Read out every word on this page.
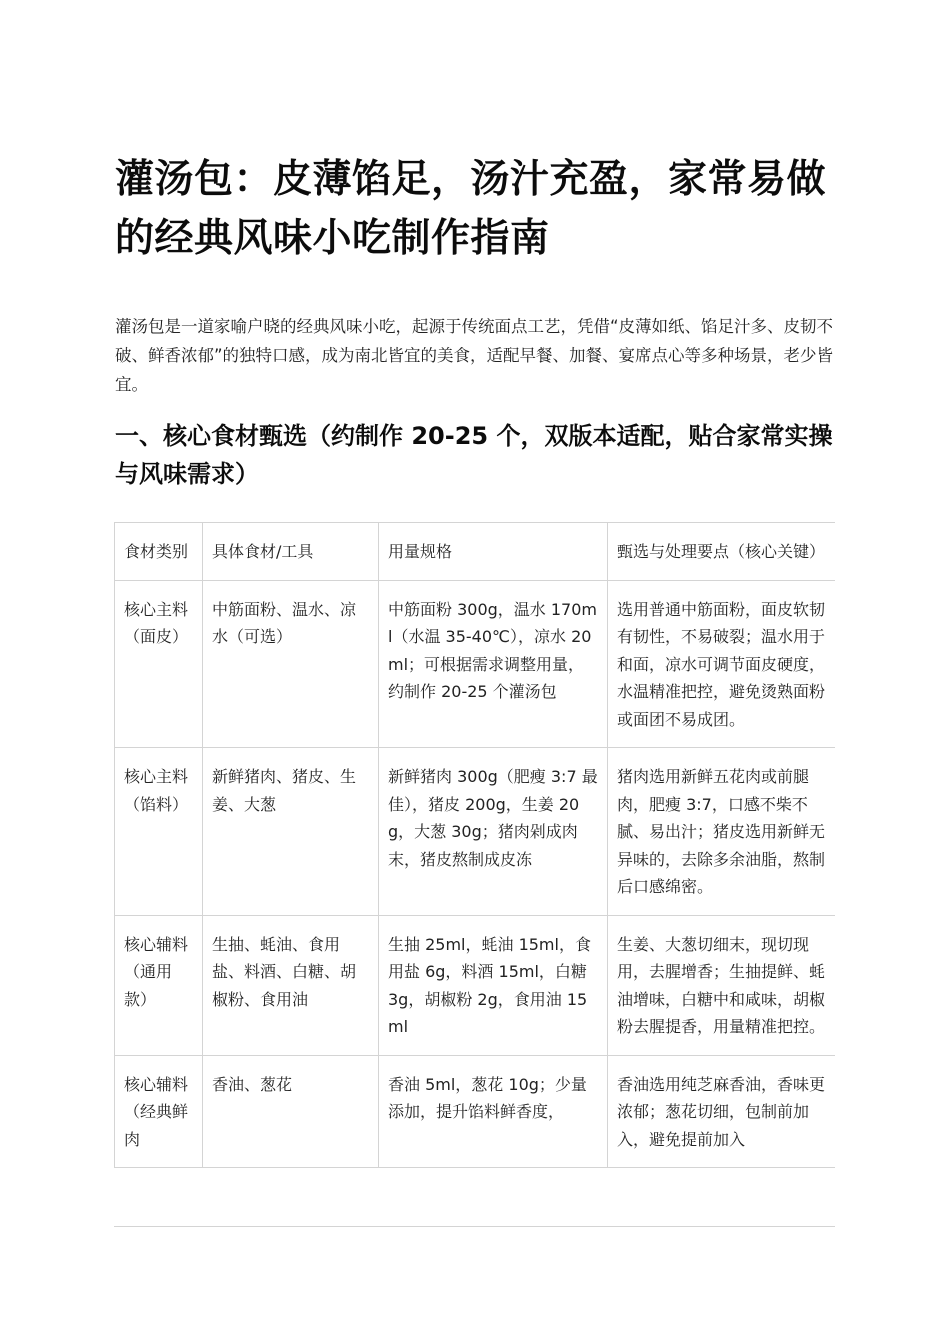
灌汤包：皮薄馅足，汤汁充盈，家常易做的经典风味小吃制作指南

灌汤包是一道家喻户晓的经典风味小吃，起源于传统面点工艺，凭借“皮薄如纸、馅足汁多、皮韧不破、鲜香浓郁”的独特口感，成为南北皆宜的美食，适配早餐、加餐、宴席点心等多种场景，老少皆宜。

一、核心食材甄选（约制作 20-25 个，双版本适配，贴合家常实操与风味需求）
食材类别	具体食材/工具	用量规格	甄选与处理要点（核心关键）
核心主料（面皮）	中筋面粉、温水、凉水（可选）	中筋面粉 300g，温水 170ml（水温 35-40℃），凉水 20ml；可根据需求调整用量，约制作 20-25 个灌汤包	选用普通中筋面粉，面皮软韧有韧性，不易破裂；温水用于和面，凉水可调节面皮硬度，水温精准把控，避免烫熟面粉或面团不易成团。
核心主料（馅料）	新鲜猪肉、猪皮、生姜、大葱	新鲜猪肉 300g（肥瘦 3:7 最佳），猪皮 200g，生姜 20g，大葱 30g；猪肉剁成肉末，猪皮熬制成皮冻	猪肉选用新鲜五花肉或前腿肉，肥瘦 3:7，口感不柴不腻、易出汁；猪皮选用新鲜无异味的，去除多余油脂，熬制后口感绵密。
核心辅料（通用款）	生抽、蚝油、食用盐、料酒、白糖、胡椒粉、食用油	生抽 25ml，蚝油 15ml，食用盐 6g，料酒 15ml，白糖 3g，胡椒粉 2g，食用油 15ml	生姜、大葱切细末，现切现用，去腥增香；生抽提鲜、蚝油增味，白糖中和咸味，胡椒粉去腥提香，用量精准把控。
核心辅料（经典鲜肉	香油、葱花	香油 5ml，葱花 10g；少量添加，提升馅料鲜香度，	香油选用纯芝麻香油，香味更浓郁；葱花切细，包制前加入，避免提前加入
